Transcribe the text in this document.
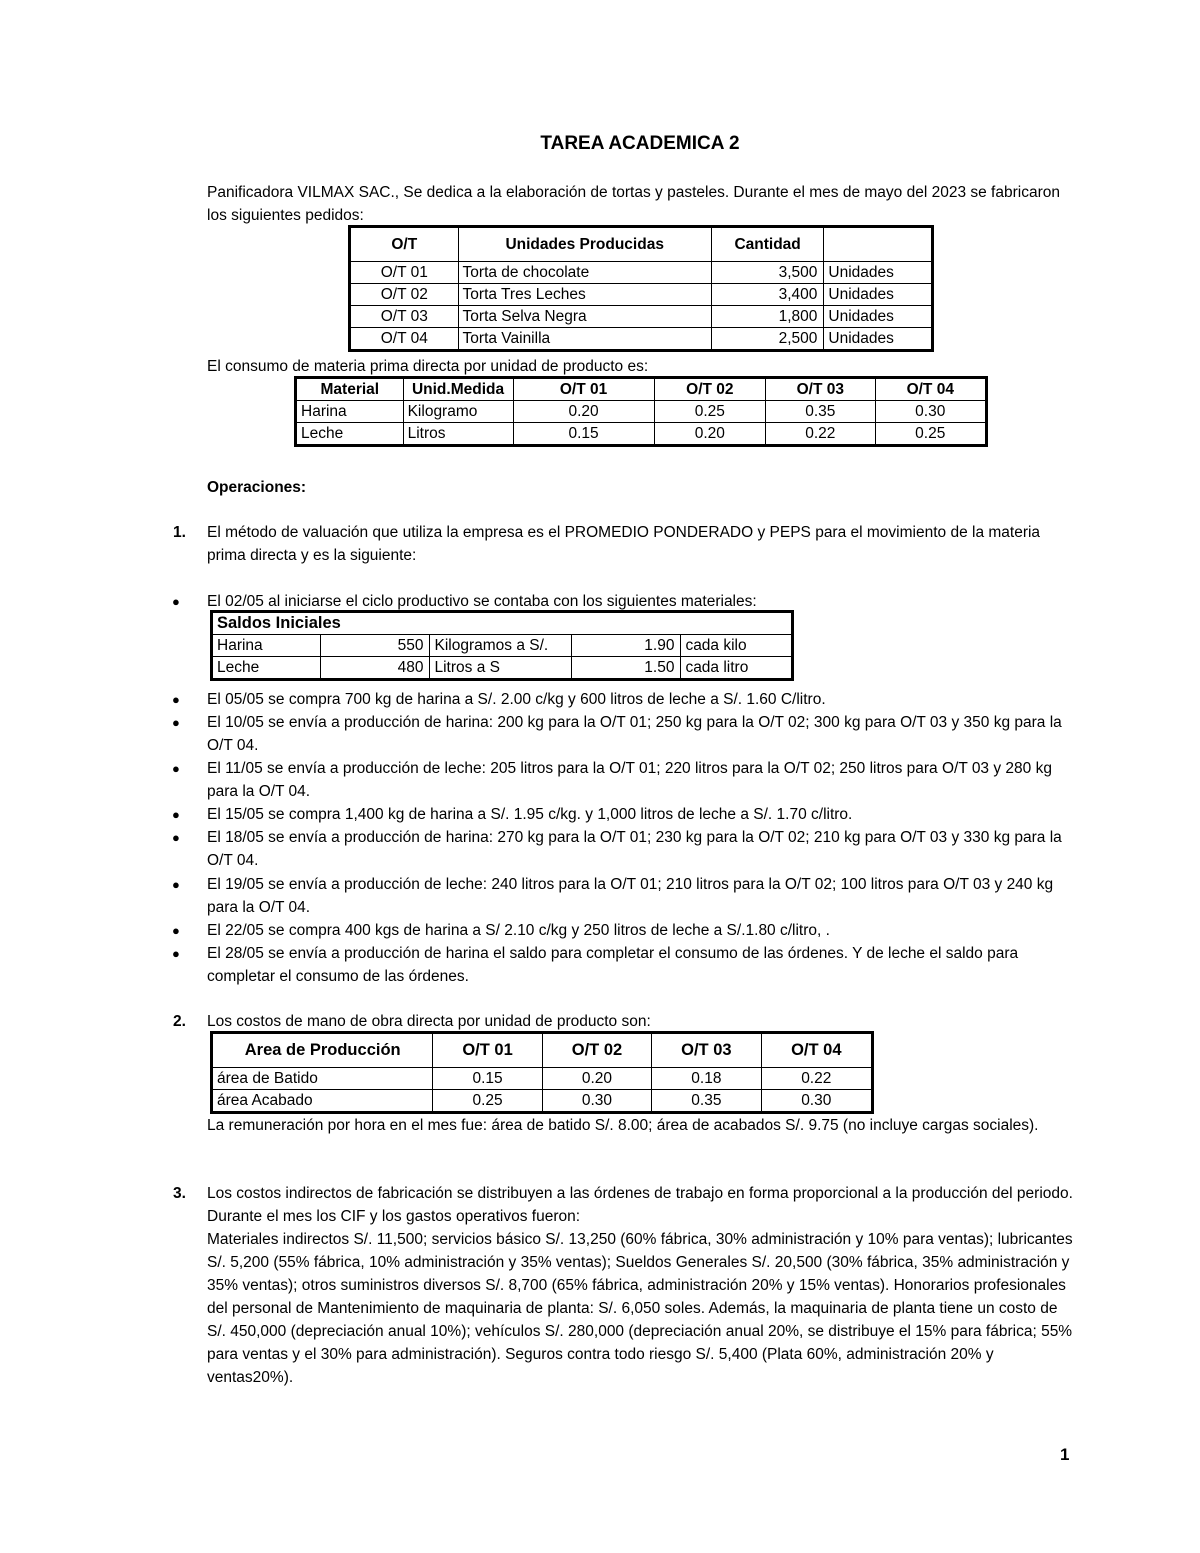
TAREA ACADEMICA 2
Panificadora VILMAX SAC., Se dedica a la elaboración de tortas y pasteles. Durante el mes de mayo del 2023 se fabricaron los siguientes pedidos:
O/T	Unidades Producidas	Cantidad	
O/T 01	Torta de chocolate	3,500	Unidades
O/T 02	Torta Tres Leches	3,400	Unidades
O/T 03	Torta Selva Negra	1,800	Unidades
O/T 04	Torta Vainilla	2,500	Unidades
El consumo de materia prima directa por unidad de producto es:
Material	Unid.Medida	O/T 01	O/T 02	O/T 03	O/T 04
Harina	Kilogramo	0.20	0.25	0.35	0.30
Leche	Litros	0.15	0.20	0.22	0.25
Operaciones:
1. El método de valuación que utiliza la empresa es el PROMEDIO PONDERADO y PEPS para el movimiento de la materia prima directa y es la siguiente:
● El 02/05 al iniciarse el ciclo productivo se contaba con los siguientes materiales:
Saldos Iniciales				
Harina	550	Kilogramos a S/.	1.90	cada kilo
Leche	480	Litros a S	1.50	cada litro
● El 05/05 se compra 700 kg de harina a S/. 2.00 c/kg y 600 litros de leche a S/. 1.60 C/litro.
● El 10/05 se envía a producción de harina: 200 kg para la O/T 01; 250 kg para la O/T 02; 300 kg para O/T 03 y 350 kg para la O/T 04.
● El 11/05 se envía a producción de leche: 205 litros para la O/T 01; 220 litros para la O/T 02; 250 litros para O/T 03 y 280 kg para la O/T 04.
● El 15/05 se compra 1,400 kg de harina a S/. 1.95 c/kg. y 1,000 litros de leche a S/. 1.70 c/litro.
● El 18/05 se envía a producción de harina: 270 kg para la O/T 01; 230 kg para la O/T 02; 210 kg para O/T 03 y 330 kg para la O/T 04.
● El 19/05 se envía a producción de leche: 240 litros para la O/T 01; 210 litros para la O/T 02; 100 litros para O/T 03 y 240 kg para la O/T 04.
● El 22/05 se compra 400 kgs de harina a S/ 2.10 c/kg y 250 litros de leche a S/.1.80 c/litro, .
● El 28/05 se envía a producción de harina el saldo para completar el consumo de las órdenes. Y de leche el saldo para completar el consumo de las órdenes.
2. Los costos de mano de obra directa por unidad de producto son:
Area de Producción	O/T 01	O/T 02	O/T 03	O/T 04
área de Batido	0.15	0.20	0.18	0.22
área Acabado	0.25	0.30	0.35	0.30
La remuneración por hora en el mes fue: área de batido S/. 8.00; área de acabados S/. 9.75 (no incluye cargas sociales).
3. Los costos indirectos de fabricación se distribuyen a las órdenes de trabajo en forma proporcional a la producción del periodo. Durante el mes los CIF y los gastos operativos fueron:
Materiales indirectos S/. 11,500; servicios básico S/. 13,250 (60% fábrica, 30% administración y 10% para ventas); lubricantes S/. 5,200 (55% fábrica, 10% administración y 35% ventas); Sueldos Generales S/. 20,500 (30% fábrica, 35% administración y 35% ventas); otros suministros diversos S/. 8,700 (65% fábrica, administración 20% y 15% ventas). Honorarios profesionales del personal de Mantenimiento de maquinaria de planta: S/. 6,050 soles. Además, la maquinaria de planta tiene un costo de S/. 450,000 (depreciación anual 10%); vehículos S/. 280,000 (depreciación anual 20%, se distribuye el 15% para fábrica; 55% para ventas y el 30% para administración). Seguros contra todo riesgo S/. 5,400 (Plata 60%, administración 20% y ventas20%).
1
